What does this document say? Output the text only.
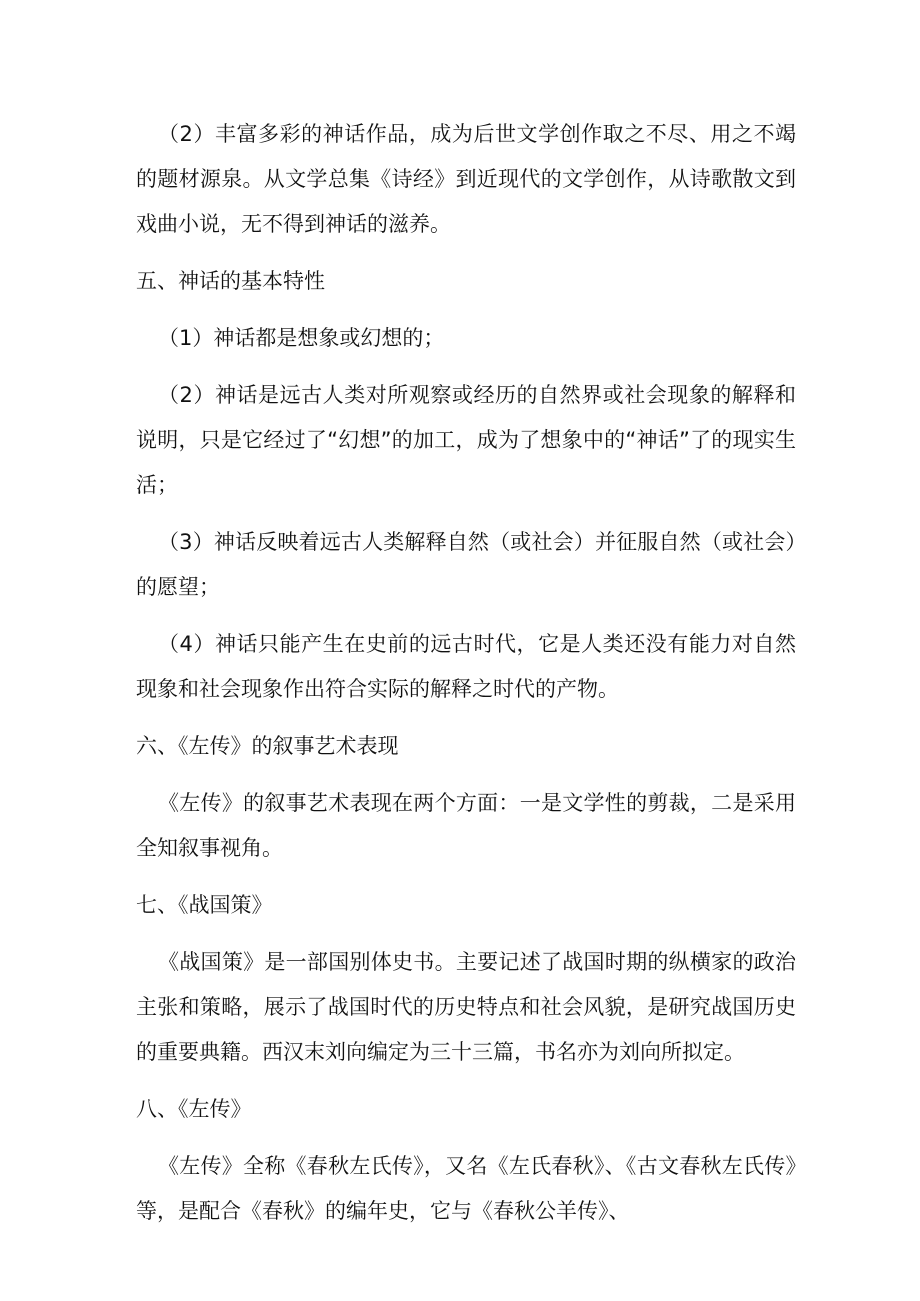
（2）丰富多彩的神话作品，成为后世文学创作取之不尽、用之不竭的题材源泉。从文学总集《诗经》到近现代的文学创作，从诗歌散文到戏曲小说，无不得到神话的滋养。

五、神话的基本特性

（1）神话都是想象或幻想的；

（2）神话是远古人类对所观察或经历的自然界或社会现象的解释和说明，只是它经过了“幻想”的加工，成为了想象中的“神话”了的现实生活；

（3）神话反映着远古人类解释自然（或社会）并征服自然（或社会）的愿望；

（4）神话只能产生在史前的远古时代，它是人类还没有能力对自然现象和社会现象作出符合实际的解释之时代的产物。

六、《左传》的叙事艺术表现

《左传》的叙事艺术表现在两个方面：一是文学性的剪裁，二是采用全知叙事视角。

七、《战国策》

《战国策》是一部国别体史书。主要记述了战国时期的纵横家的政治主张和策略，展示了战国时代的历史特点和社会风貌，是研究战国历史的重要典籍。西汉末刘向编定为三十三篇，书名亦为刘向所拟定。

八、《左传》

《左传》全称《春秋左氏传》，又名《左氏春秋》、《古文春秋左氏传》等，是配合《春秋》的编年史，它与《春秋公羊传》、
